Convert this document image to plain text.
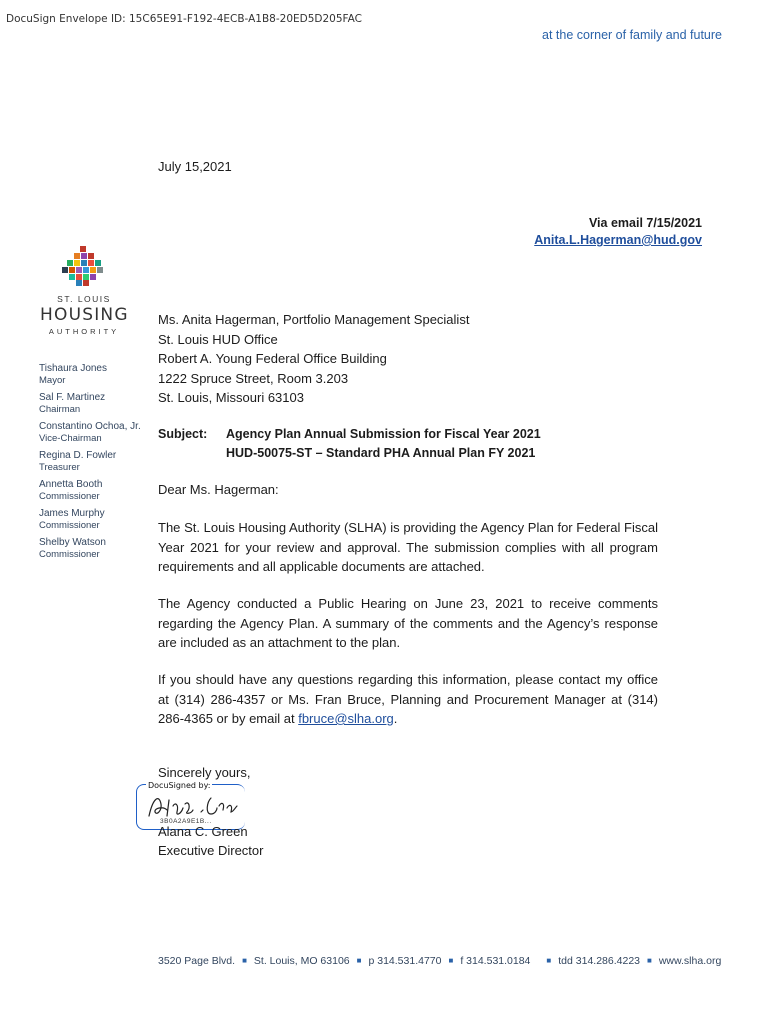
DocuSign Envelope ID: 15C65E91-F192-4ECB-A1B8-20ED5D205FAC
at the corner of family and future
July 15,2021
Via email 7/15/2021
Anita.L.Hagerman@hud.gov
ST. LOUIS
HOUSING
AUTHORITY
Tishaura Jones
Mayor
Sal F. Martinez
Chairman
Constantino Ochoa, Jr.
Vice-Chairman
Regina D. Fowler
Treasurer
Annetta Booth
Commissioner
James Murphy
Commissioner
Shelby Watson
Commissioner
Ms. Anita Hagerman, Portfolio Management Specialist
St. Louis HUD Office
Robert A. Young Federal Office Building
1222 Spruce Street, Room 3.203
St. Louis, Missouri 63103
Subject: Agency Plan Annual Submission for Fiscal Year 2021
HUD-50075-ST – Standard PHA Annual Plan FY 2021
Dear Ms. Hagerman:
The St. Louis Housing Authority (SLHA) is providing the Agency Plan for Federal Fiscal Year 2021 for your review and approval. The submission complies with all program requirements and all applicable documents are attached.
The Agency conducted a Public Hearing on June 23, 2021 to receive comments regarding the Agency Plan. A summary of the comments and the Agency’s response are included as an attachment to the plan.
If you should have any questions regarding this information, please contact my office at (314) 286-4357 or Ms. Fran Bruce, Planning and Procurement Manager at (314) 286-4365 or by email at fbruce@slha.org.
Sincerely yours,
DocuSigned by:
3B0A2A9E1B...
Alana C. Green
Executive Director
3520 Page Blvd. ■ St. Louis, MO 63106 ■ p 314.531.4770 ■ f 314.531.0184 ■ tdd 314.286.4223 ■ www.slha.org
